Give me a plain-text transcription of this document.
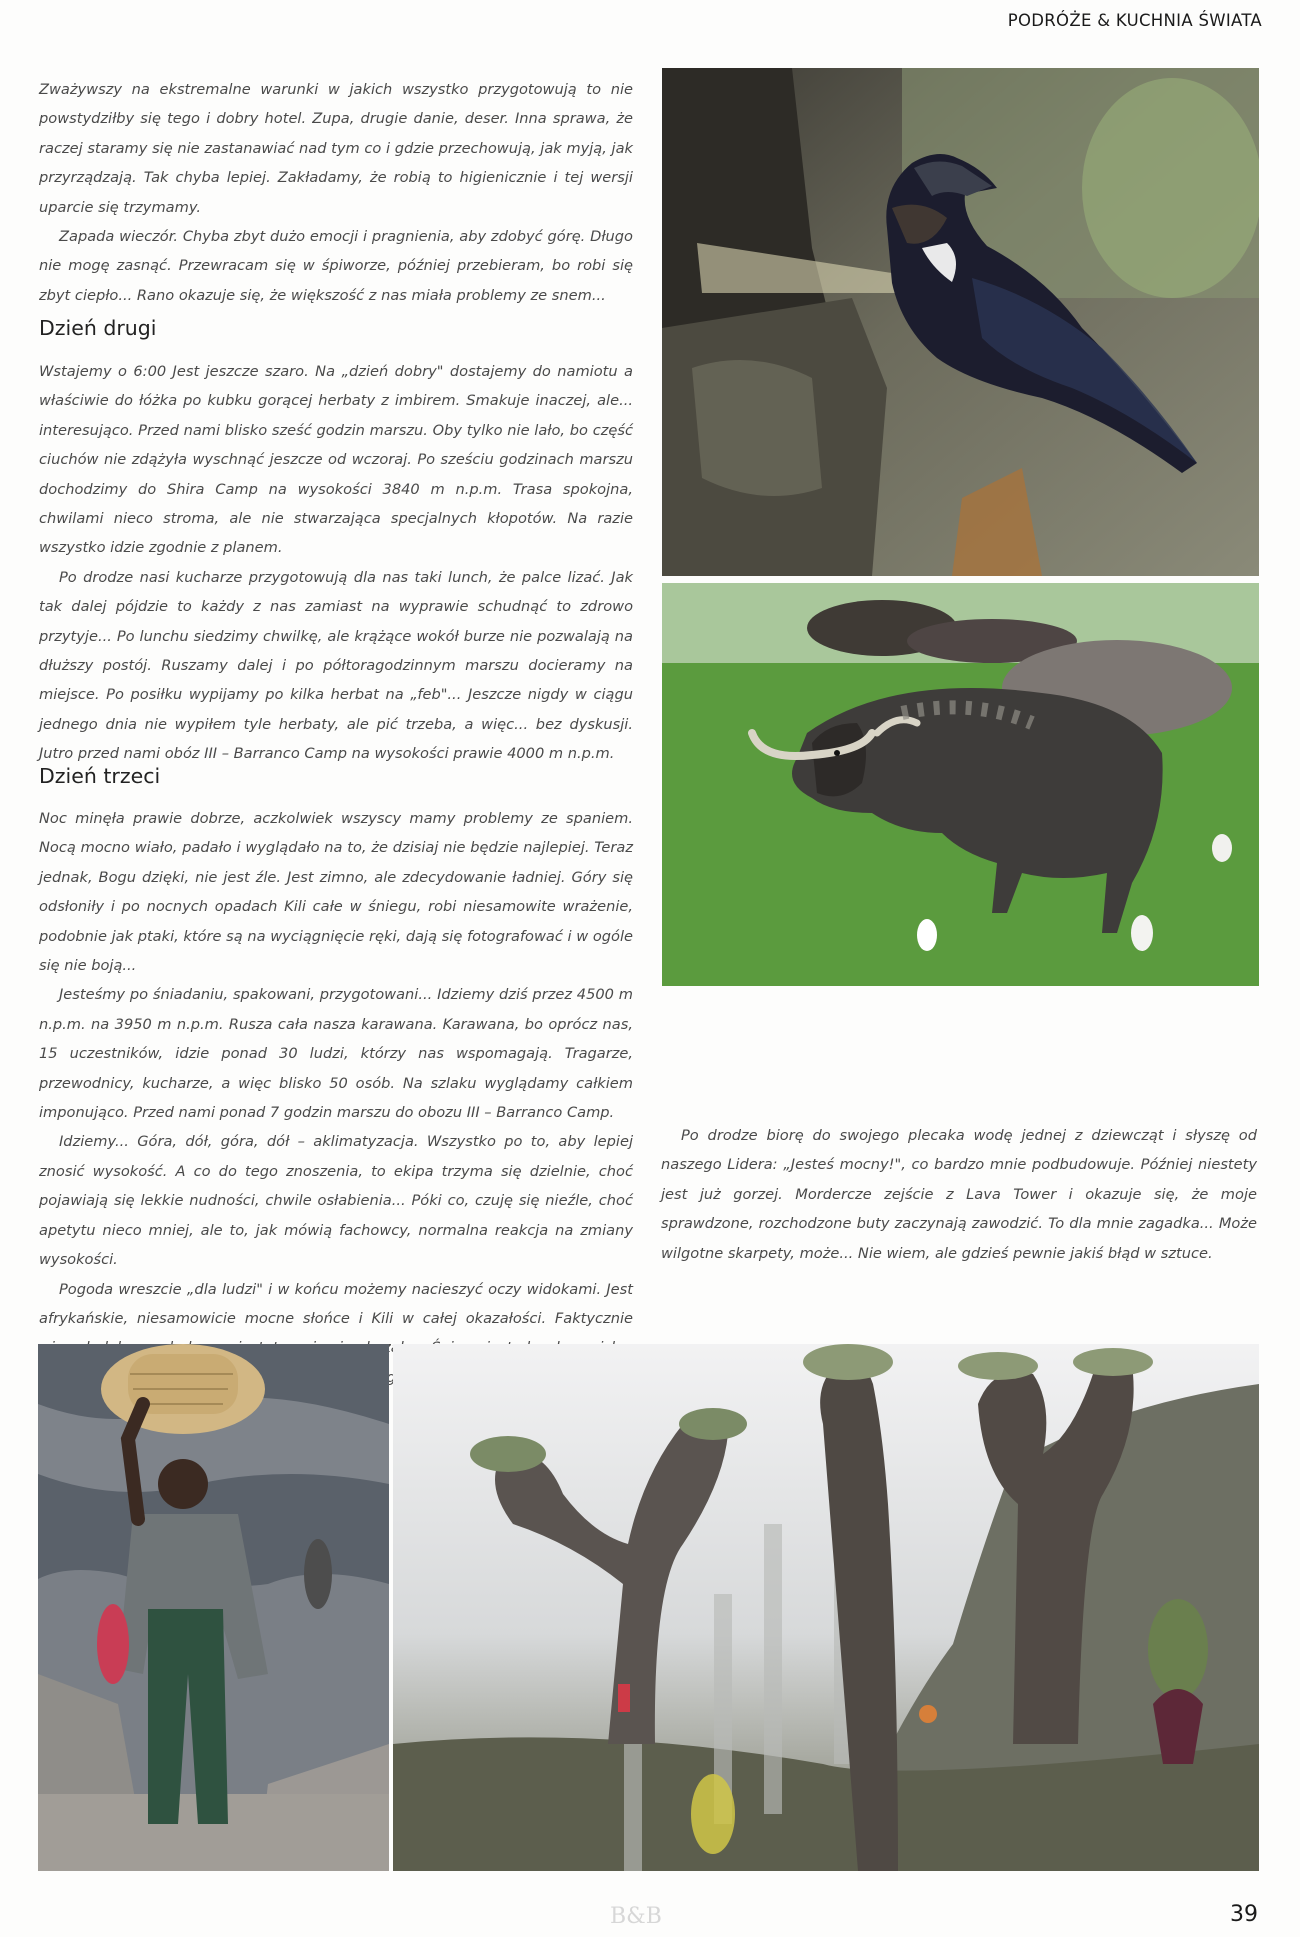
PODRÓŻE & KUCHNIA ŚWIATA

Zważywszy na ekstremalne warunki w jakich wszystko przygotowują to nie powstydziłby się tego i dobry hotel. Zupa, drugie danie, deser. Inna sprawa, że raczej staramy się nie zastanawiać nad tym co i gdzie przechowują, jak myją, jak przyrządzają. Tak chyba lepiej. Zakładamy, że robią to higienicznie i tej wersji uparcie się trzymamy.

Zapada wieczór. Chyba zbyt dużo emocji i pragnienia, aby zdobyć górę. Długo nie mogę zasnąć. Przewracam się w śpiworze, później przebieram, bo robi się zbyt ciepło... Rano okazuje się, że większość z nas miała problemy ze snem...

Dzień drugi

Wstajemy o 6:00 Jest jeszcze szaro. Na „dzień dobry" dostajemy do namiotu a właściwie do łóżka po kubku gorącej herbaty z imbirem. Smakuje inaczej, ale... interesująco. Przed nami blisko sześć godzin marszu. Oby tylko nie lało, bo część ciuchów nie zdążyła wyschnąć jeszcze od wczoraj. Po sześciu godzinach marszu dochodzimy do Shira Camp na wysokości 3840 m n.p.m. Trasa spokojna, chwilami nieco stroma, ale nie stwarzająca specjalnych kłopotów. Na razie wszystko idzie zgodnie z planem.

Po drodze nasi kucharze przygotowują dla nas taki lunch, że palce lizać. Jak tak dalej pójdzie to każdy z nas zamiast na wyprawie schudnąć to zdrowo przytyje... Po lunchu siedzimy chwilkę, ale krążące wokół burze nie pozwalają na dłuższy postój. Ruszamy dalej i po półtoragodzinnym marszu docieramy na miejsce. Po posiłku wypijamy po kilka herbat na „feb"... Jeszcze nigdy w ciągu jednego dnia nie wypiłem tyle herbaty, ale pić trzeba, a więc... bez dyskusji. Jutro przed nami obóz III – Barranco Camp na wysokości prawie 4000 m n.p.m.

Dzień trzeci

Noc minęła prawie dobrze, aczkolwiek wszyscy mamy problemy ze spaniem. Nocą mocno wiało, padało i wyglądało na to, że dzisiaj nie będzie najlepiej. Teraz jednak, Bogu dzięki, nie jest źle. Jest zimno, ale zdecydowanie ładniej. Góry się odsłoniły i po nocnych opadach Kili całe w śniegu, robi niesamowite wrażenie, podobnie jak ptaki, które są na wyciągnięcie ręki, dają się fotografować i w ogóle się nie boją...

Jesteśmy po śniadaniu, spakowani, przygotowani... Idziemy dziś przez 4500 m n.p.m. na 3950 m n.p.m. Rusza cała nasza karawana. Karawana, bo oprócz nas, 15 uczestników, idzie ponad 30 ludzi, którzy nas wspomagają. Tragarze, przewodnicy, kucharze, a więc blisko 50 osób. Na szlaku wyglądamy całkiem imponująco. Przed nami ponad 7 godzin marszu do obozu III – Barranco Camp.

Idziemy... Góra, dół, góra, dół – aklimatyzacja. Wszystko po to, aby lepiej znosić wysokość. A co do tego znoszenia, to ekipa trzyma się dzielnie, choć pojawiają się lekkie nudności, chwile osłabienia... Póki co, czuję się nieźle, choć apetytu nieco mniej, ale to, jak mówią fachowcy, normalna reakcja na zmiany wysokości.

Pogoda wreszcie „dla ludzi" i w końcu możemy nacieszyć oczy widokami. Jest afrykańskie, niesamowicie mocne słońce i Kili w całej okazałości. Faktycznie

Po drodze biorę do swojego plecaka wodę jednej z dziewcząt i słyszę od naszego Lidera: „Jesteś mocny!", co bardzo mnie podbudowuje. Później niestety jest już gorzej. Mordercze zejście z Lava Tower i okazuje się, że moje sprawdzone, rozchodzone buty zaczynają zawodzić. To dla mnie zagadka... Może wilgotne skarpety, może... Nie wiem, ale gdzieś pewnie jakiś błąd w sztuce.

B&B	39
